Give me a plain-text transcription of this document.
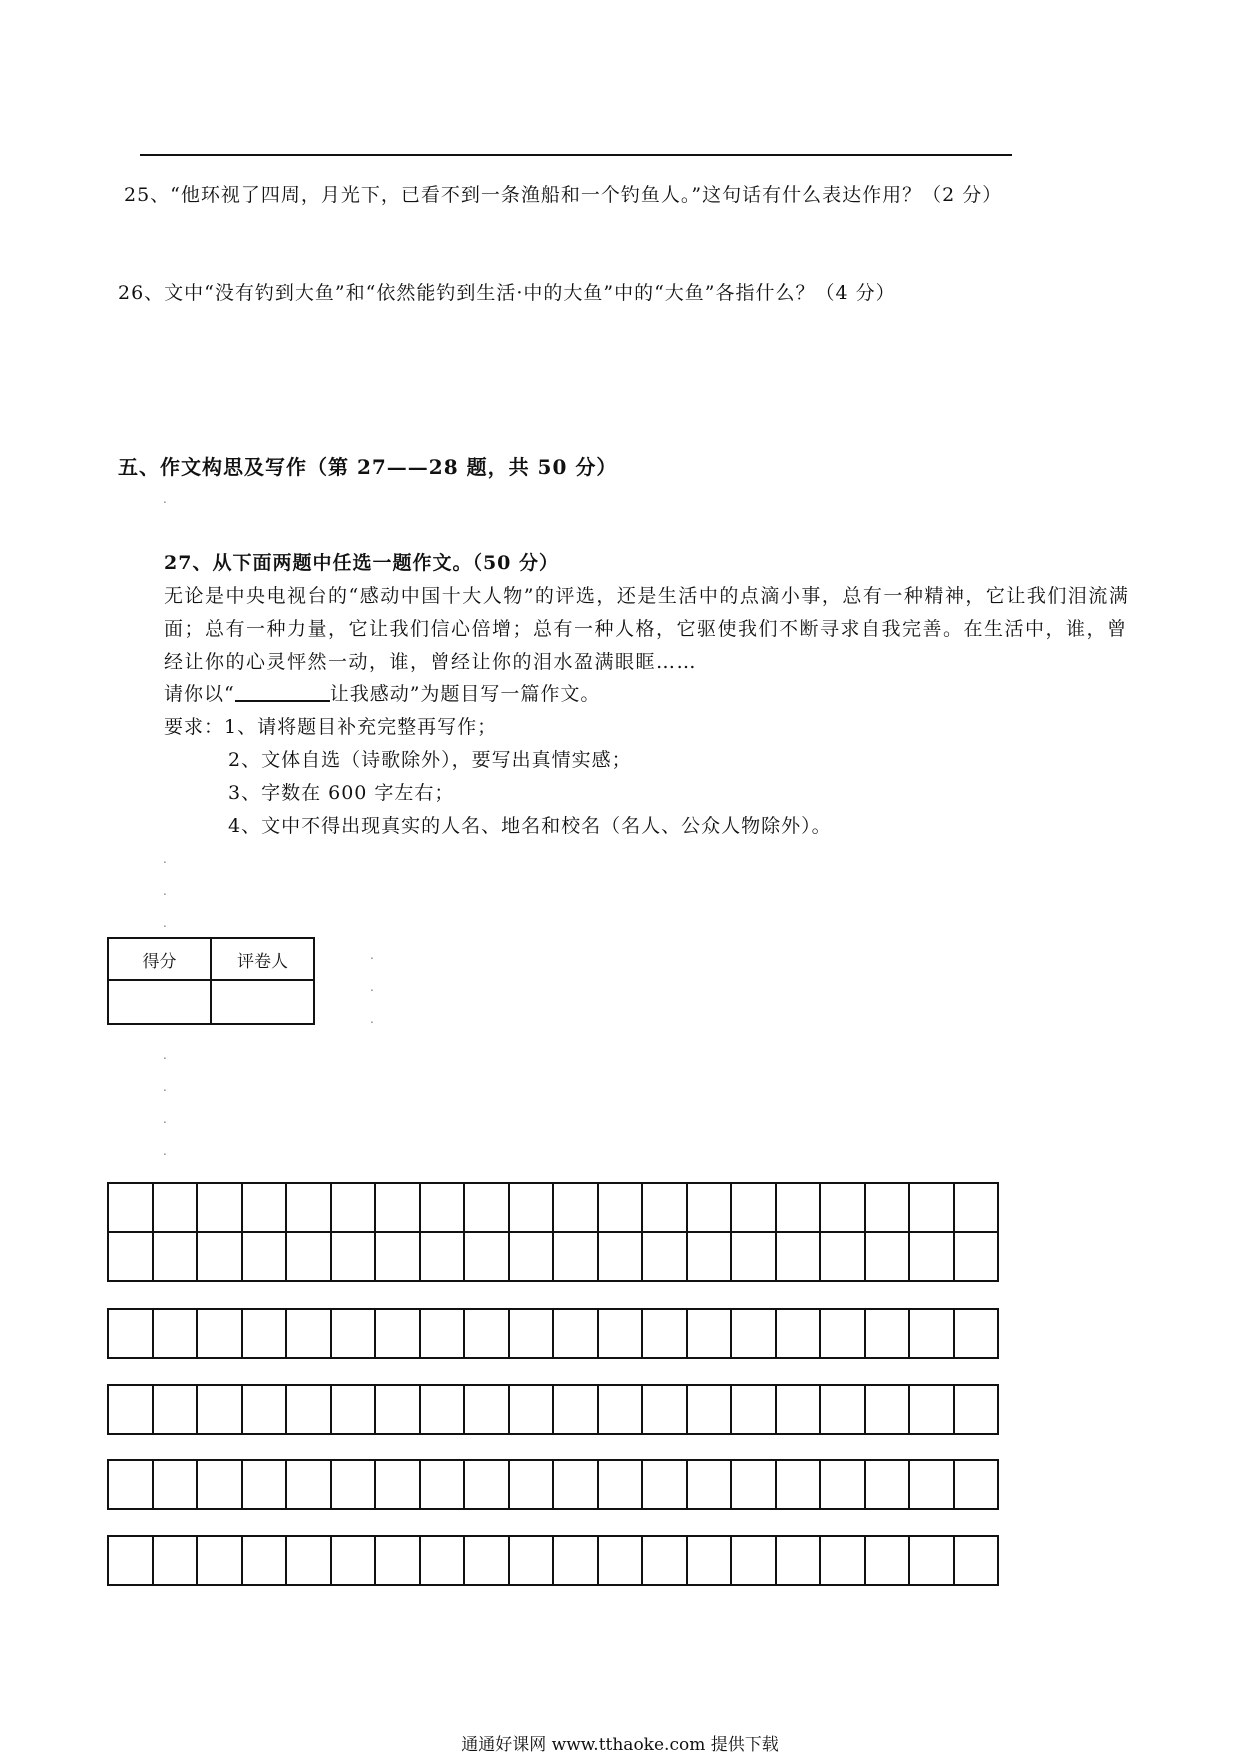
25、“他环视了四周，月光下，已看不到一条渔船和一个钓鱼人。”这句话有什么表达作用？（2 分）
26、文中“没有钓到大鱼”和“依然能钓到生活·中的大鱼”中的“大鱼”各指什么？（4 分）
五、作文构思及写作（第 27——28 题，共 50 分）
.
27、从下面两题中任选一题作文。（50 分）

无论是中央电视台的“感动中国十大人物”的评选，还是生活中的点滴小事，总有一种精神，它让我们泪流满面；总有一种力量，它让我们信心倍增；总有一种人格，它驱使我们不断寻求自我完善。在生活中，谁，曾经让你的心灵怦然一动，谁，曾经让你的泪水盈满眼眶……

请你以“	让我感动”为题目写一篇作文。
要求：1、请将题目补充完整再写作；
2、文体自选（诗歌除外），要写出真情实感；
3、字数在 600 字左右；
4、文中不得出现真实的人名、地名和校名（名人、公众人物除外）。
.
.
.
得分	评卷人
		.
.
.
.
.
.
.
通通好课网 www.tthaoke.com 提供下载
